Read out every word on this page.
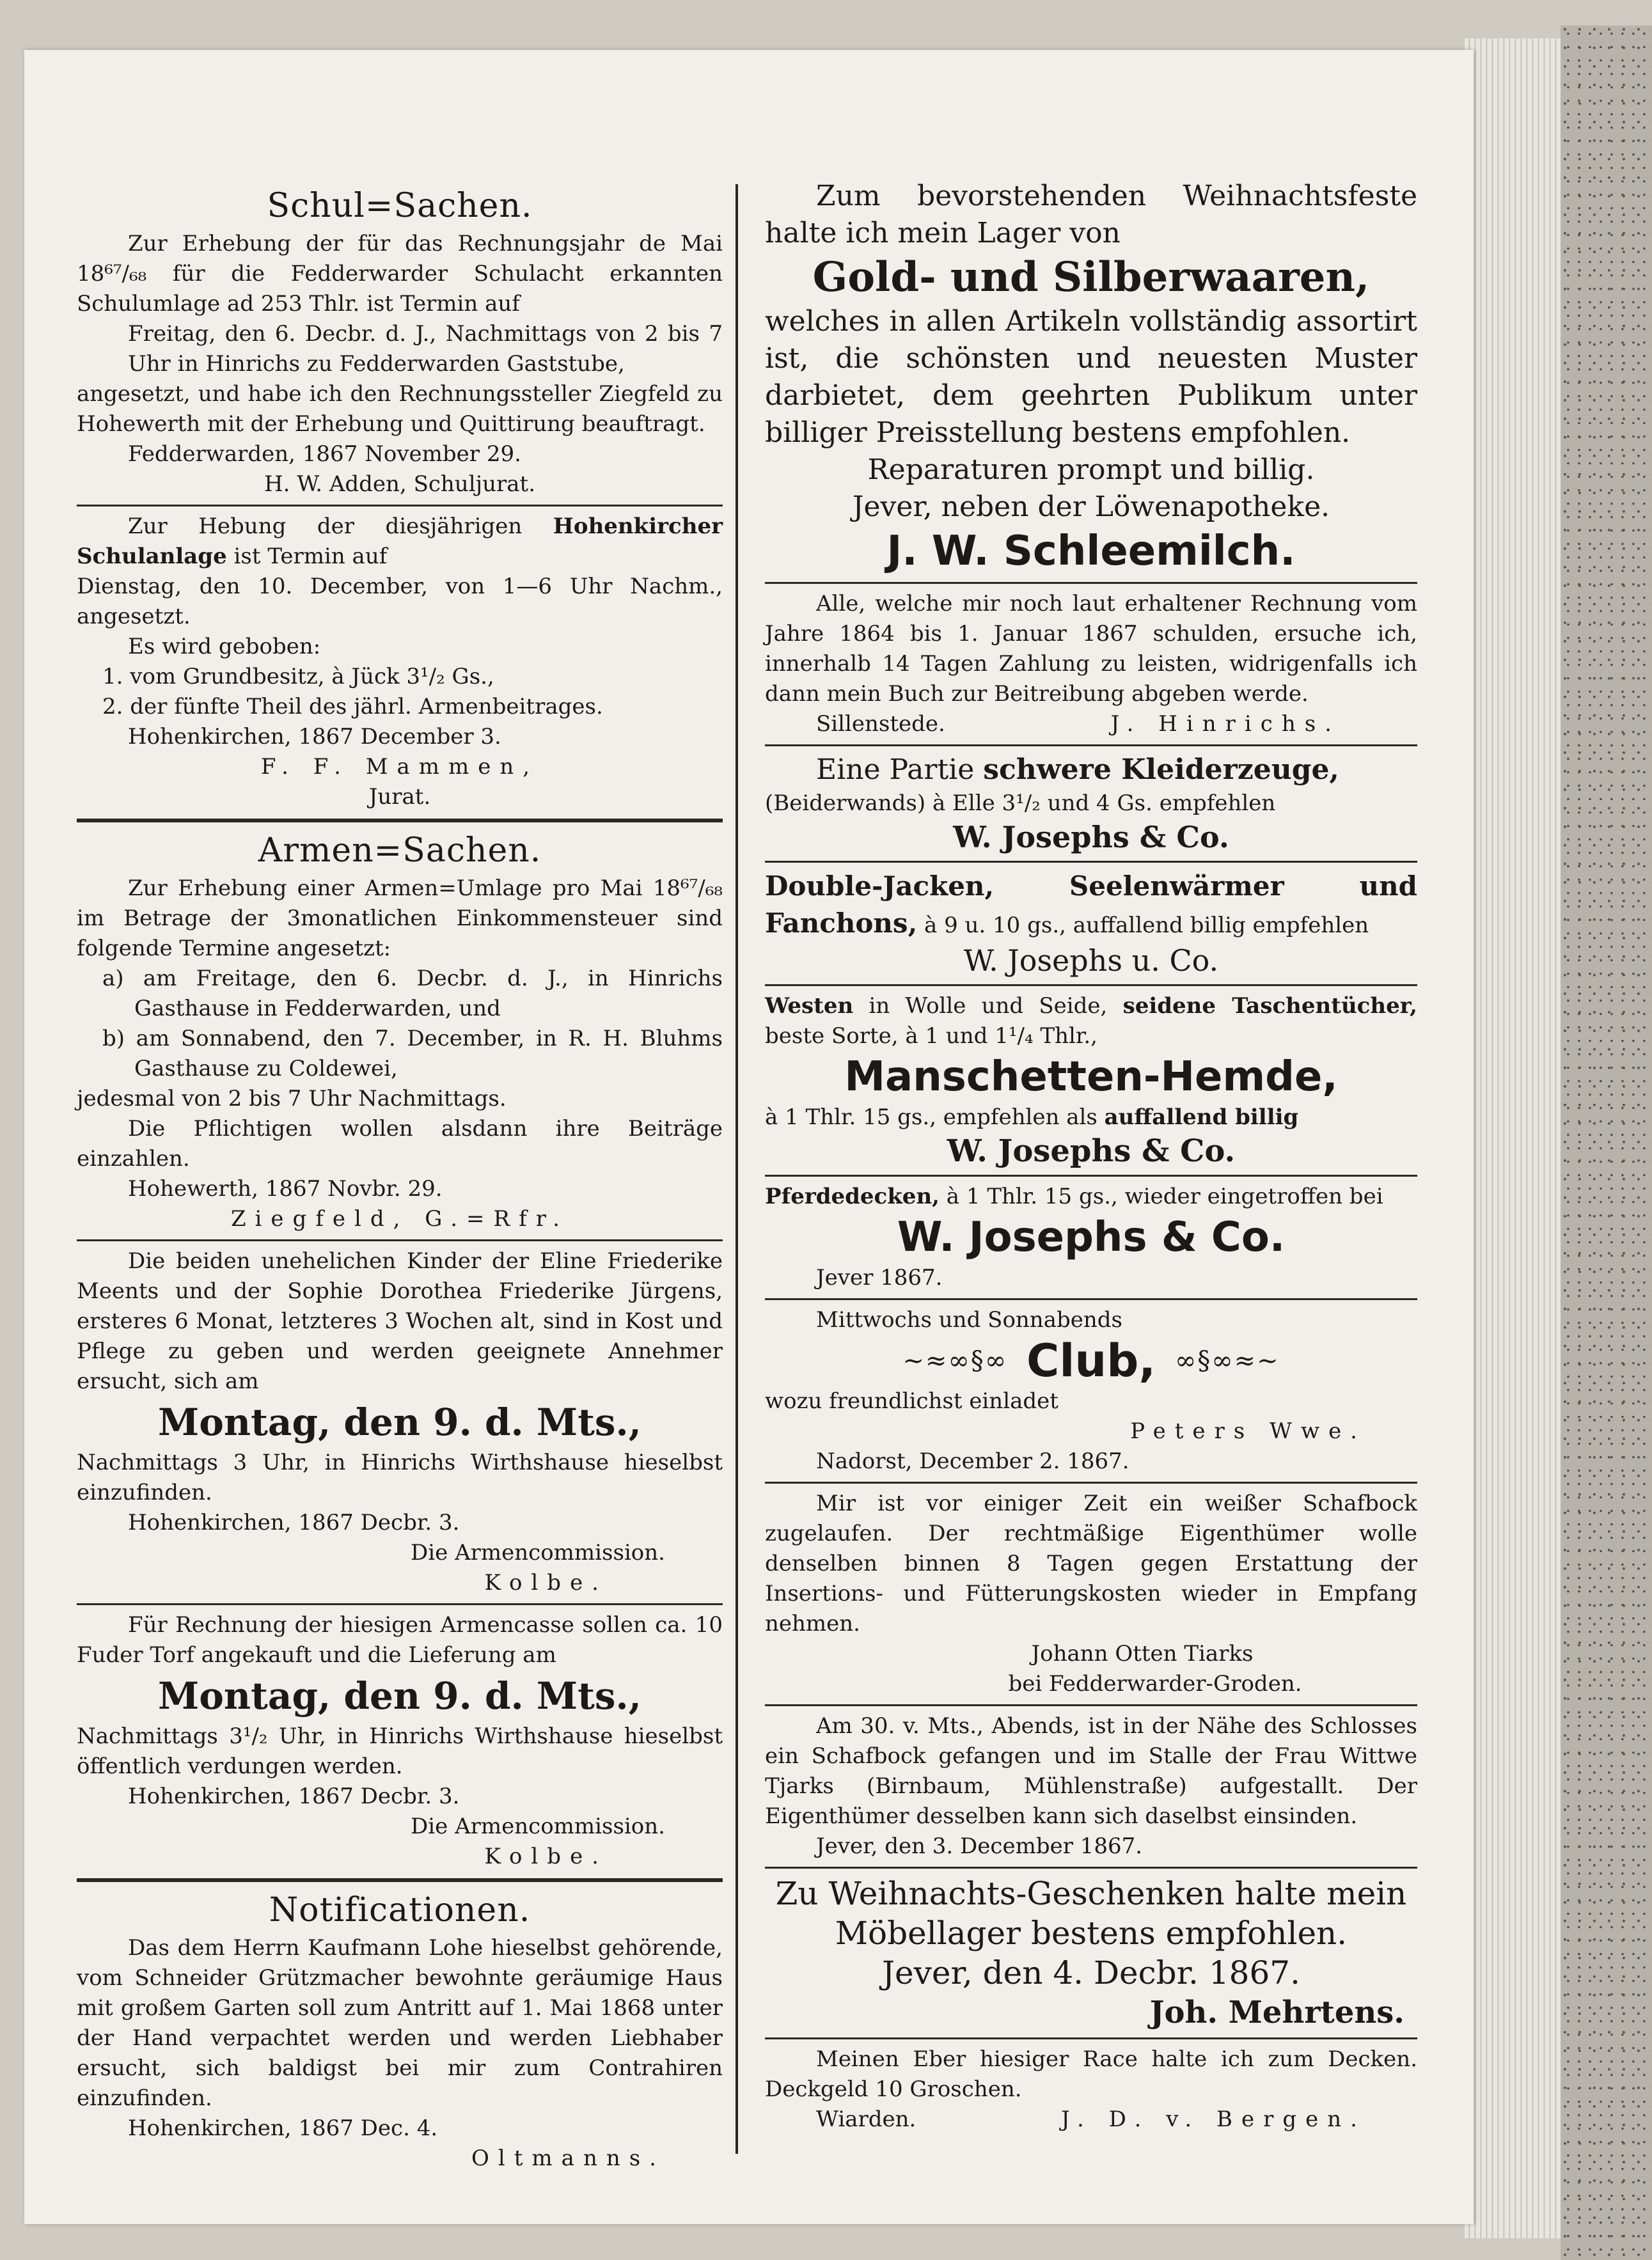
Schul=Sachen.

Zur Erhebung der für das Rechnungsjahr de Mai 18⁶⁷/₆₈ für die Fedderwarder Schulacht erkannten Schulumlage ad 253 Thlr. ist Termin auf

Freitag, den 6. Decbr. d. J., Nachmittags von 2 bis 7 Uhr in Hinrichs zu Fedderwarden Gaststube,

angesetzt, und habe ich den Rechnungssteller Ziegfeld zu Hohewerth mit der Erhebung und Quittirung beauftragt.

Fedderwarden, 1867 November 29.

H. W. Adden, Schuljurat.

Zur Hebung der diesjährigen Hohenkircher Schulanlage ist Termin auf

Dienstag, den 10. December, von 1—6 Uhr Nachm., angesetzt.

Es wird geboben:

1. vom Grundbesitz, à Jück 3¹/₂ Gs.,

2. der fünfte Theil des jährl. Armenbeitrages.

Hohenkirchen, 1867 December 3.

F. F. Mammen,

Jurat.

Armen=Sachen.

Zur Erhebung einer Armen=Umlage pro Mai 18⁶⁷/₆₈ im Betrage der 3monatlichen Einkommensteuer sind folgende Termine angesetzt:

a) am Freitage, den 6. Decbr. d. J., in Hinrichs Gasthause in Fedderwarden, und

b) am Sonnabend, den 7. December, in R. H. Bluhms Gasthause zu Coldewei,

jedesmal von 2 bis 7 Uhr Nachmittags.

Die Pflichtigen wollen alsdann ihre Beiträge einzahlen.

Hohewerth, 1867 Novbr. 29.

Ziegfeld, G.=Rfr.

Die beiden unehelichen Kinder der Eline Friederike Meents und der Sophie Dorothea Friederike Jürgens, ersteres 6 Monat, letzteres 3 Wochen alt, sind in Kost und Pflege zu geben und werden geeignete Annehmer ersucht, sich am

Montag, den 9. d. Mts.,

Nachmittags 3 Uhr, in Hinrichs Wirthshause hieselbst einzufinden.

Hohenkirchen, 1867 Decbr. 3.

Die Armencommission.

Kolbe.

Für Rechnung der hiesigen Armencasse sollen ca. 10 Fuder Torf angekauft und die Lieferung am

Montag, den 9. d. Mts.,

Nachmittags 3¹/₂ Uhr, in Hinrichs Wirthshause hieselbst öffentlich verdungen werden.

Hohenkirchen, 1867 Decbr. 3.

Die Armencommission.

Kolbe.

Notificationen.

Das dem Herrn Kaufmann Lohe hieselbst gehörende, vom Schneider Grützmacher bewohnte geräumige Haus mit großem Garten soll zum Antritt auf 1. Mai 1868 unter der Hand verpachtet werden und werden Liebhaber ersucht, sich baldigst bei mir zum Contrahiren einzufinden.

Hohenkirchen, 1867 Dec. 4.

Oltmanns.

Zum bevorstehenden Weihnachtsfeste halte ich mein Lager von

Gold- und Silberwaaren,

welches in allen Artikeln vollständig assortirt ist, die schönsten und neuesten Muster darbietet, dem geehrten Publikum unter billiger Preisstellung bestens empfohlen.

Reparaturen prompt und billig.

Jever, neben der Löwenapotheke.

J. W. Schleemilch.

Alle, welche mir noch laut erhaltener Rechnung vom Jahre 1864 bis 1. Januar 1867 schulden, ersuche ich, innerhalb 14 Tagen Zahlung zu leisten, widrigenfalls ich dann mein Buch zur Beitreibung abgeben werde.

Sillenstede.	J. Hinrichs.

Eine Partie schwere Kleiderzeuge,

(Beiderwands) à Elle 3¹/₂ und 4 Gs. empfehlen

W. Josephs & Co.

Double-Jacken, Seelenwärmer und Fanchons, à 9 u. 10 gs., auffallend billig empfehlen

W. Josephs u. Co.

Westen in Wolle und Seide, seidene Taschentücher, beste Sorte, à 1 und 1¹/₄ Thlr.,

Manschetten-Hemde,

à 1 Thlr. 15 gs., empfehlen als auffallend billig

W. Josephs & Co.

Pferdedecken, à 1 Thlr. 15 gs., wieder eingetroffen bei

W. Josephs & Co.

Jever 1867.

Mittwochs und Sonnabends

~≈∞§∞ Club, ∞§∞≈~

wozu freundlichst einladet

Peters Wwe.

Nadorst, December 2. 1867.

Mir ist vor einiger Zeit ein weißer Schafbock zugelaufen. Der rechtmäßige Eigenthümer wolle denselben binnen 8 Tagen gegen Erstattung der Insertions- und Fütterungskosten wieder in Empfang nehmen.

Johann Otten Tiarks

bei Fedderwarder-Groden.

Am 30. v. Mts., Abends, ist in der Nähe des Schlosses ein Schafbock gefangen und im Stalle der Frau Wittwe Tjarks (Birnbaum, Mühlenstraße) aufgestallt. Der Eigenthümer desselben kann sich daselbst einsinden.

Jever, den 3. December 1867.

Zu Weihnachts-Geschenken halte mein Möbellager bestens empfohlen.

Jever, den 4. Decbr. 1867.

Joh. Mehrtens.

Meinen Eber hiesiger Race halte ich zum Decken. Deckgeld 10 Groschen.

Wiarden.	J. D. v. Bergen.
